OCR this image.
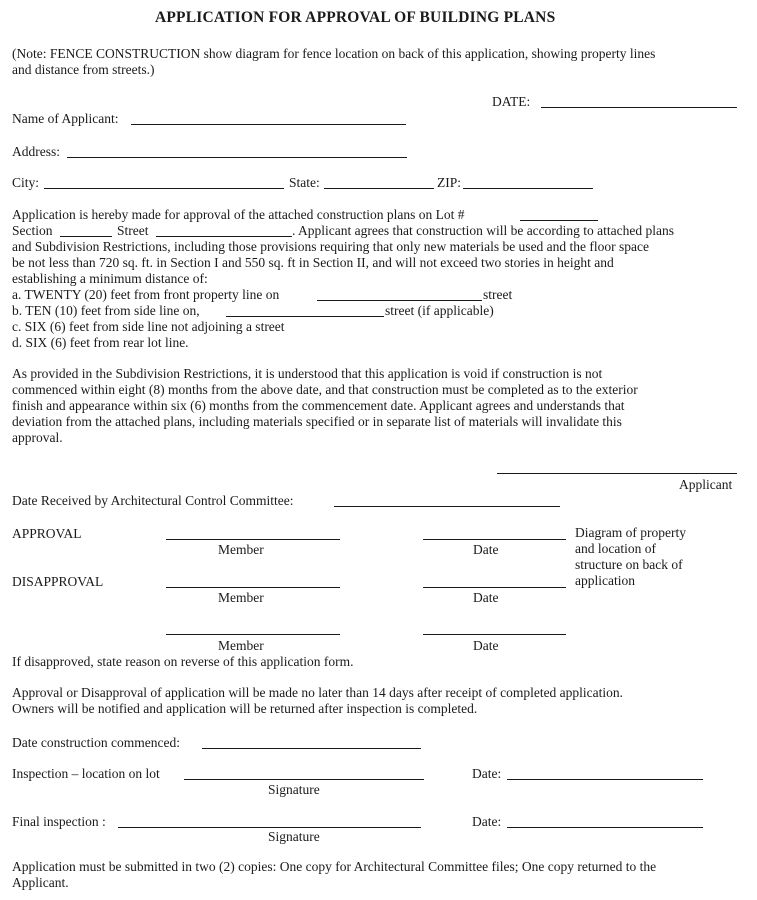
APPLICATION FOR APPROVAL OF BUILDING PLANS
(Note: FENCE CONSTRUCTION show diagram for fence location on back of this application, showing property lines
and distance from streets.)
DATE:
Name of Applicant:
Address:
City:	State:	ZIP:
Application is hereby made for approval of the attached construction plans on Lot #
Section	Street	. Applicant agrees that construction will be according to attached plans
and Subdivision Restrictions, including those provisions requiring that only new materials be used and the floor space
be not less than 720 sq. ft. in Section I and 550 sq. ft in Section II, and will not exceed two stories in height and
establishing a minimum distance of:
a. TWENTY (20) feet from front property line on	street
b. TEN (10) feet from side line on,	street (if applicable)
c. SIX (6) feet from side line not adjoining a street
d. SIX (6) feet from rear lot line.
As provided in the Subdivision Restrictions, it is understood that this application is void if construction is not
commenced within eight (8) months from the above date, and that construction must be completed as to the exterior
finish and appearance within six (6) months from the commencement date. Applicant agrees and understands that
deviation from the attached plans, including materials specified or in separate list of materials will invalidate this
approval.
Applicant
Date Received by Architectural Control Committee:
APPROVAL
Member	Date
Diagram of property
and location of
structure on back of
application
DISAPPROVAL
Member	Date
Member	Date
If disapproved, state reason on reverse of this application form.
Approval or Disapproval of application will be made no later than 14 days after receipt of completed application.
Owners will be notified and application will be returned after inspection is completed.
Date construction commenced:
Inspection – location on lot
Signature
Date:
Final inspection :
Signature
Date:
Application must be submitted in two (2) copies: One copy for Architectural Committee files; One copy returned to the
Applicant.
